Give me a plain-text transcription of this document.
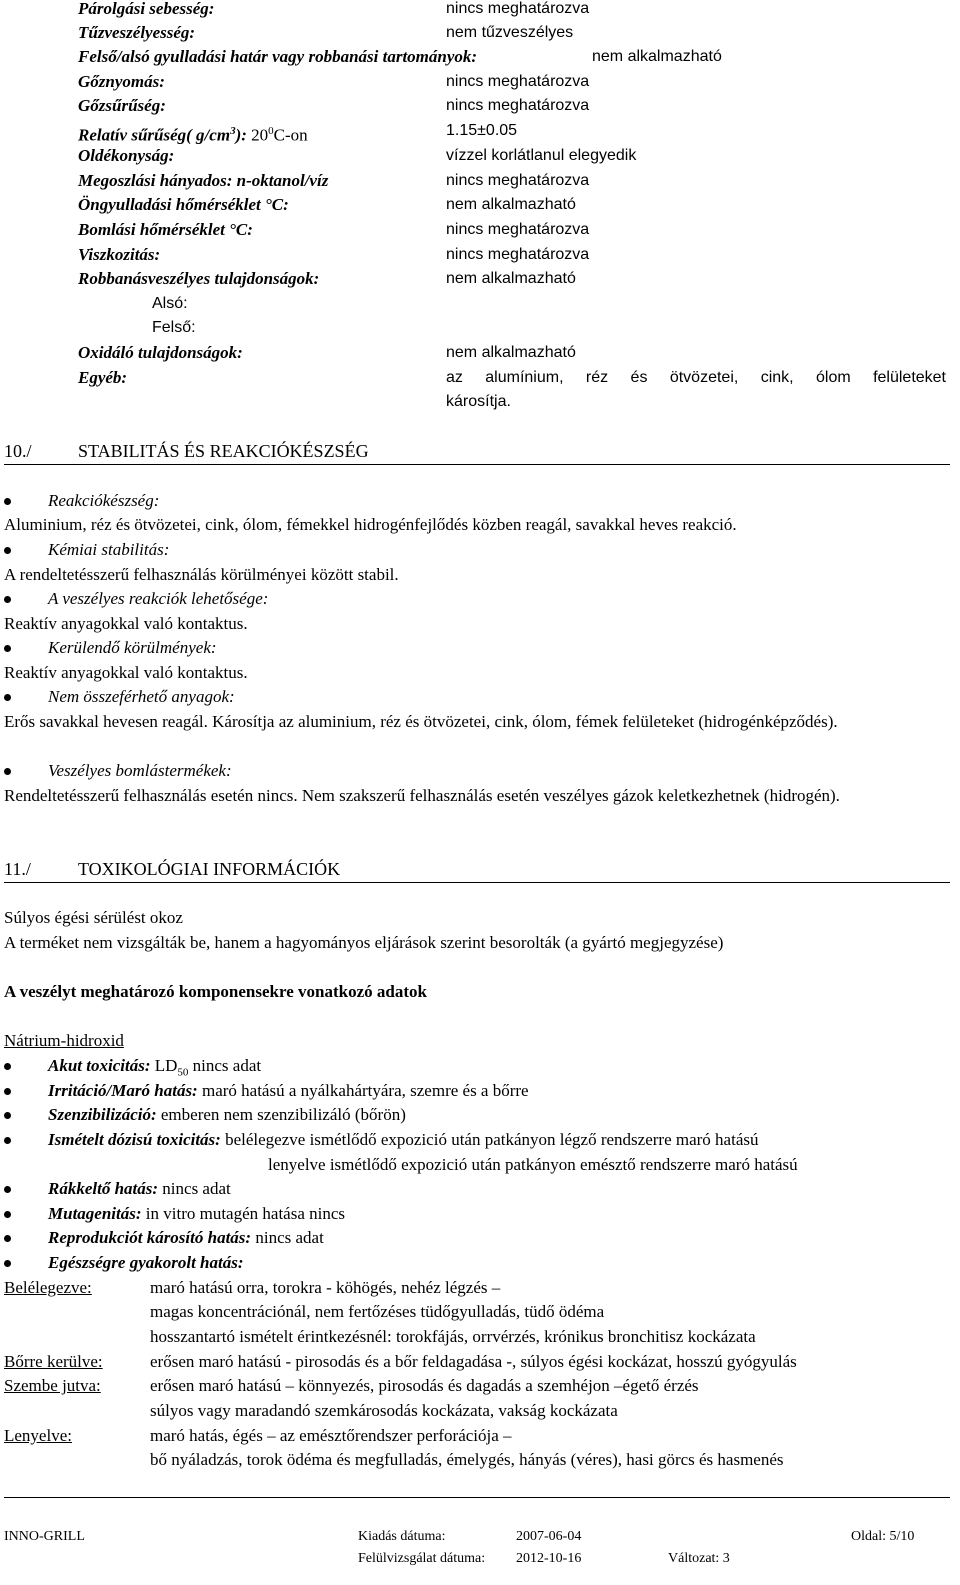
Párolgási sebesség:	nincs meghatározva
Tűzveszélyesség:	nem tűzveszélyes
Felső/alsó gyulladási határ vagy robbanási tartományok:	nem alkalmazható
Gőznyomás:	nincs meghatározva
Gőzsűrűség:	nincs meghatározva
Relatív sűrűség( $g/cm^3$): $20^0C-on$	1.15±0.05
Oldékonyság:	vízzel korlátlanul elegyedik
Megoszlási hányados: n-oktanol/víz	nincs meghatározva
Öngyulladási hőmérséklet °C:	nem alkalmazható
Bomlási hőmérséklet °C:	nincs meghatározva
Viszkozitás:	nincs meghatározva
Robbanásveszélyes tulajdonságok:	nem alkalmazható
Alsó:
Felső:
Oxidáló tulajdonságok:	nem alkalmazható
Egyéb:	az alumínium, réz és ötvözetei, cink, ólom felületeket
károsítja.
10./	STABILITÁS ÉS REAKCIÓKÉSZSÉG
Reakciókészség:
Aluminium, réz és ötvözetei, cink, ólom, fémekkel hidrogénfejlődés közben reagál, savakkal heves reakció.
Kémiai stabilitás:
A rendeltetésszerű felhasználás körülményei között stabil.
A veszélyes reakciók lehetősége:
Reaktív anyagokkal való kontaktus.
Kerülendő körülmények:
Reaktív anyagokkal való kontaktus.
Nem összeférhető anyagok:
Erős savakkal hevesen reagál. Károsítja az aluminium, réz és ötvözetei, cink, ólom, fémek felületeket (hidrogénképződés).
Veszélyes bomlástermékek:
Rendeltetésszerű felhasználás esetén nincs. Nem szakszerű felhasználás esetén veszélyes gázok keletkezhetnek (hidrogén).
11./	TOXIKOLÓGIAI INFORMÁCIÓK
Súlyos égési sérülést okoz
A terméket nem vizsgálták be, hanem a hagyományos eljárások szerint besorolták (a gyártó megjegyzése)
A veszélyt meghatározó komponensekre vonatkozó adatok
Nátrium-hidroxid
Akut toxicitás: $LD_{50}$ nincs adat
Irritáció/Maró hatás: maró hatású a nyálkahártyára, szemre és a bőrre
Szenzibilizáció: emberen nem szenzibilizáló (bőrön)
Ismételt dózisú toxicitás: belélegezve ismétlődő expozició után patkányon légző rendszerre maró hatású
lenyelve ismétlődő expozició után patkányon emésztő rendszerre maró hatású
Rákkeltő hatás: nincs adat
Mutagenitás: in vitro mutagén hatása nincs
Reprodukciót károsító hatás: nincs adat
Egészségre gyakorolt hatás:
Belélegezve:	maró hatású orra, torokra - köhögés, nehéz légzés –
magas koncentrációnál, nem fertőzéses tüdőgyulladás, tüdő ödéma
hosszantartó ismételt érintkezésnél: torokfájás, orrvérzés, krónikus bronchitisz kockázata
Bőrre kerülve:	erősen maró hatású - pirosodás és a bőr feldagadása -, súlyos égési kockázat, hosszú gyógyulás
Szembe jutva:	erősen maró hatású – könnyezés, pirosodás és dagadás a szemhéjon –égető érzés
súlyos vagy maradandó szemkárosodás kockázata, vakság kockázata
Lenyelve:	maró hatás, égés – az emésztőrendszer perforációja –
bő nyáladzás, torok ödéma és megfulladás, émelygés, hányás (véres), hasi görcs és hasmenés
INNO-GRILL	Kiadás dátuma:	2007-06-04	Oldal: 5/10
Felülvizsgálat dátuma: 2012-10-16	Változat: 3
